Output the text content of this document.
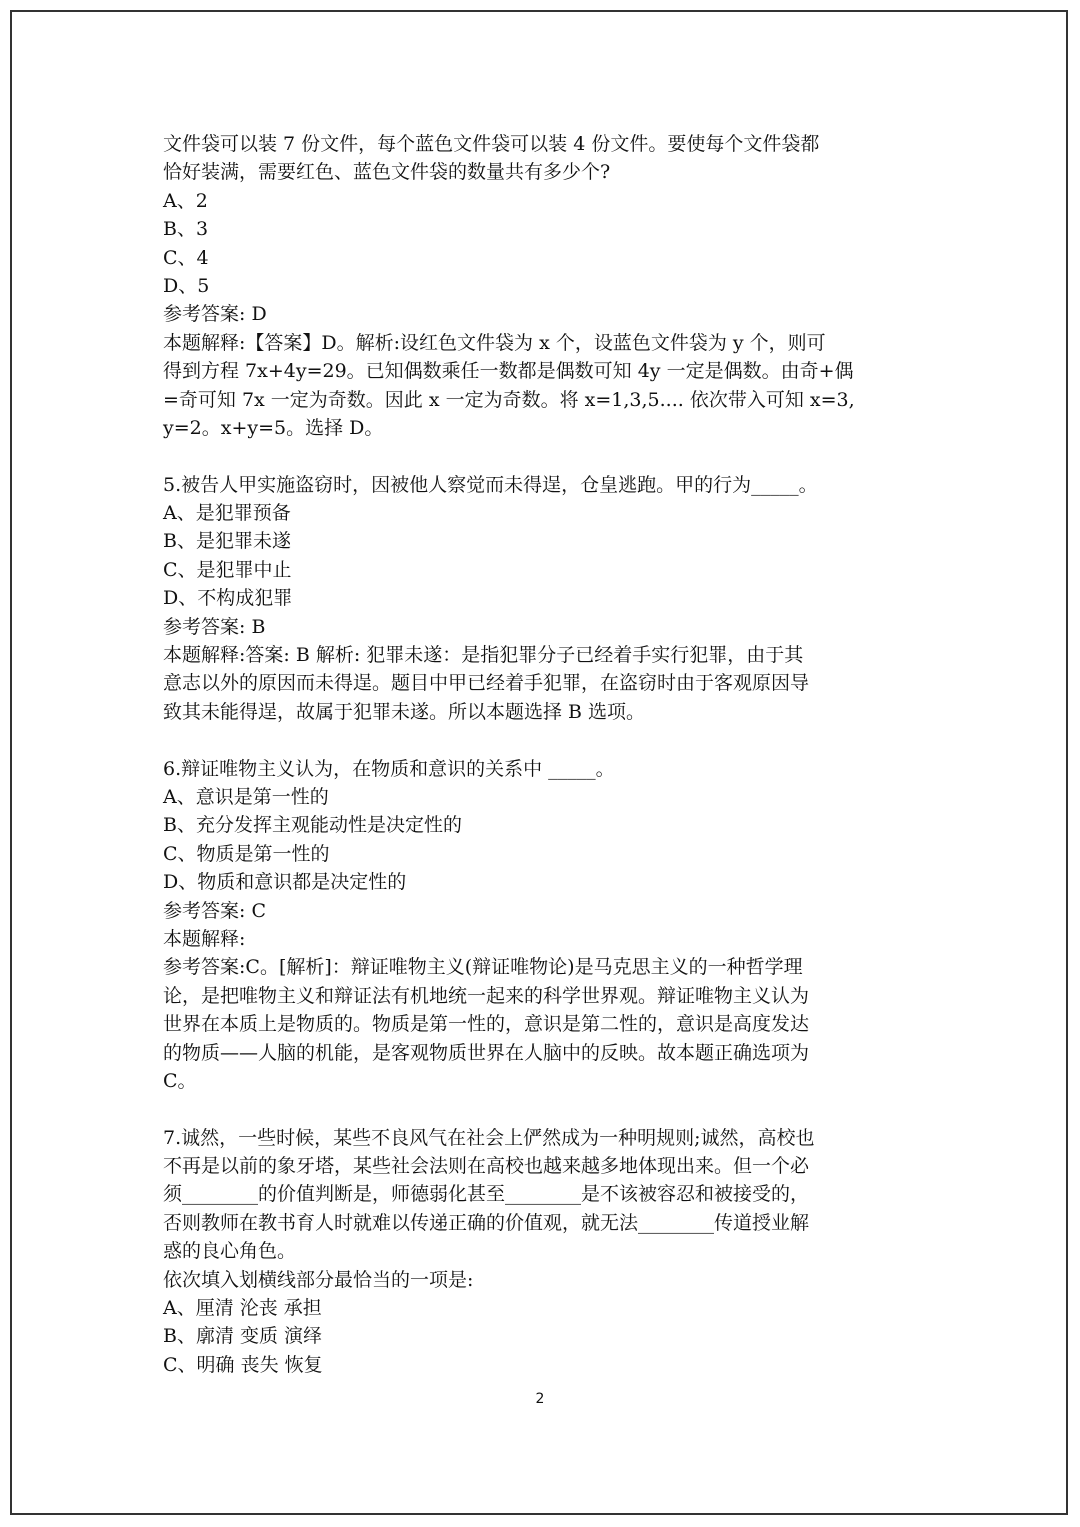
文件袋可以装 7 份文件，每个蓝色文件袋可以装 4 份文件。要使每个文件袋都
恰好装满，需要红色、蓝色文件袋的数量共有多少个?
A、2
B、3
C、4
D、5
参考答案: D
本题解释:【答案】D。解析:设红色文件袋为 x 个，设蓝色文件袋为 y 个，则可
得到方程 7x+4y=29。已知偶数乘任一数都是偶数可知 4y 一定是偶数。由奇+偶
=奇可知 7x 一定为奇数。因此 x 一定为奇数。将 x=1,3,5.... 依次带入可知 x=3,
y=2。x+y=5。选择 D。
5.被告人甲实施盗窃时，因被他人察觉而未得逞，仓皇逃跑。甲的行为_____。
A、是犯罪预备
B、是犯罪未遂
C、是犯罪中止
D、不构成犯罪
参考答案: B
本题解释:答案: B 解析: 犯罪未遂：是指犯罪分子已经着手实行犯罪，由于其
意志以外的原因而未得逞。题目中甲已经着手犯罪，在盗窃时由于客观原因导
致其未能得逞，故属于犯罪未遂。所以本题选择 B 选项。
6.辩证唯物主义认为，在物质和意识的关系中 _____。
A、意识是第一性的
B、充分发挥主观能动性是决定性的
C、物质是第一性的
D、物质和意识都是决定性的
参考答案: C
本题解释:
参考答案:C。[解析]：辩证唯物主义(辩证唯物论)是马克思主义的一种哲学理
论，是把唯物主义和辩证法有机地统一起来的科学世界观。辩证唯物主义认为
世界在本质上是物质的。物质是第一性的，意识是第二性的，意识是高度发达
的物质——人脑的机能，是客观物质世界在人脑中的反映。故本题正确选项为
C。
7.诚然，一些时候，某些不良风气在社会上俨然成为一种明规则;诚然，高校也
不再是以前的象牙塔，某些社会法则在高校也越来越多地体现出来。但一个必
须________的价值判断是，师德弱化甚至________是不该被容忍和被接受的，
否则教师在教书育人时就难以传递正确的价值观，就无法________传道授业解
惑的良心角色。
依次填入划横线部分最恰当的一项是:
A、厘清 沦丧 承担
B、廓清 变质 演绎
C、明确 丧失 恢复
2
